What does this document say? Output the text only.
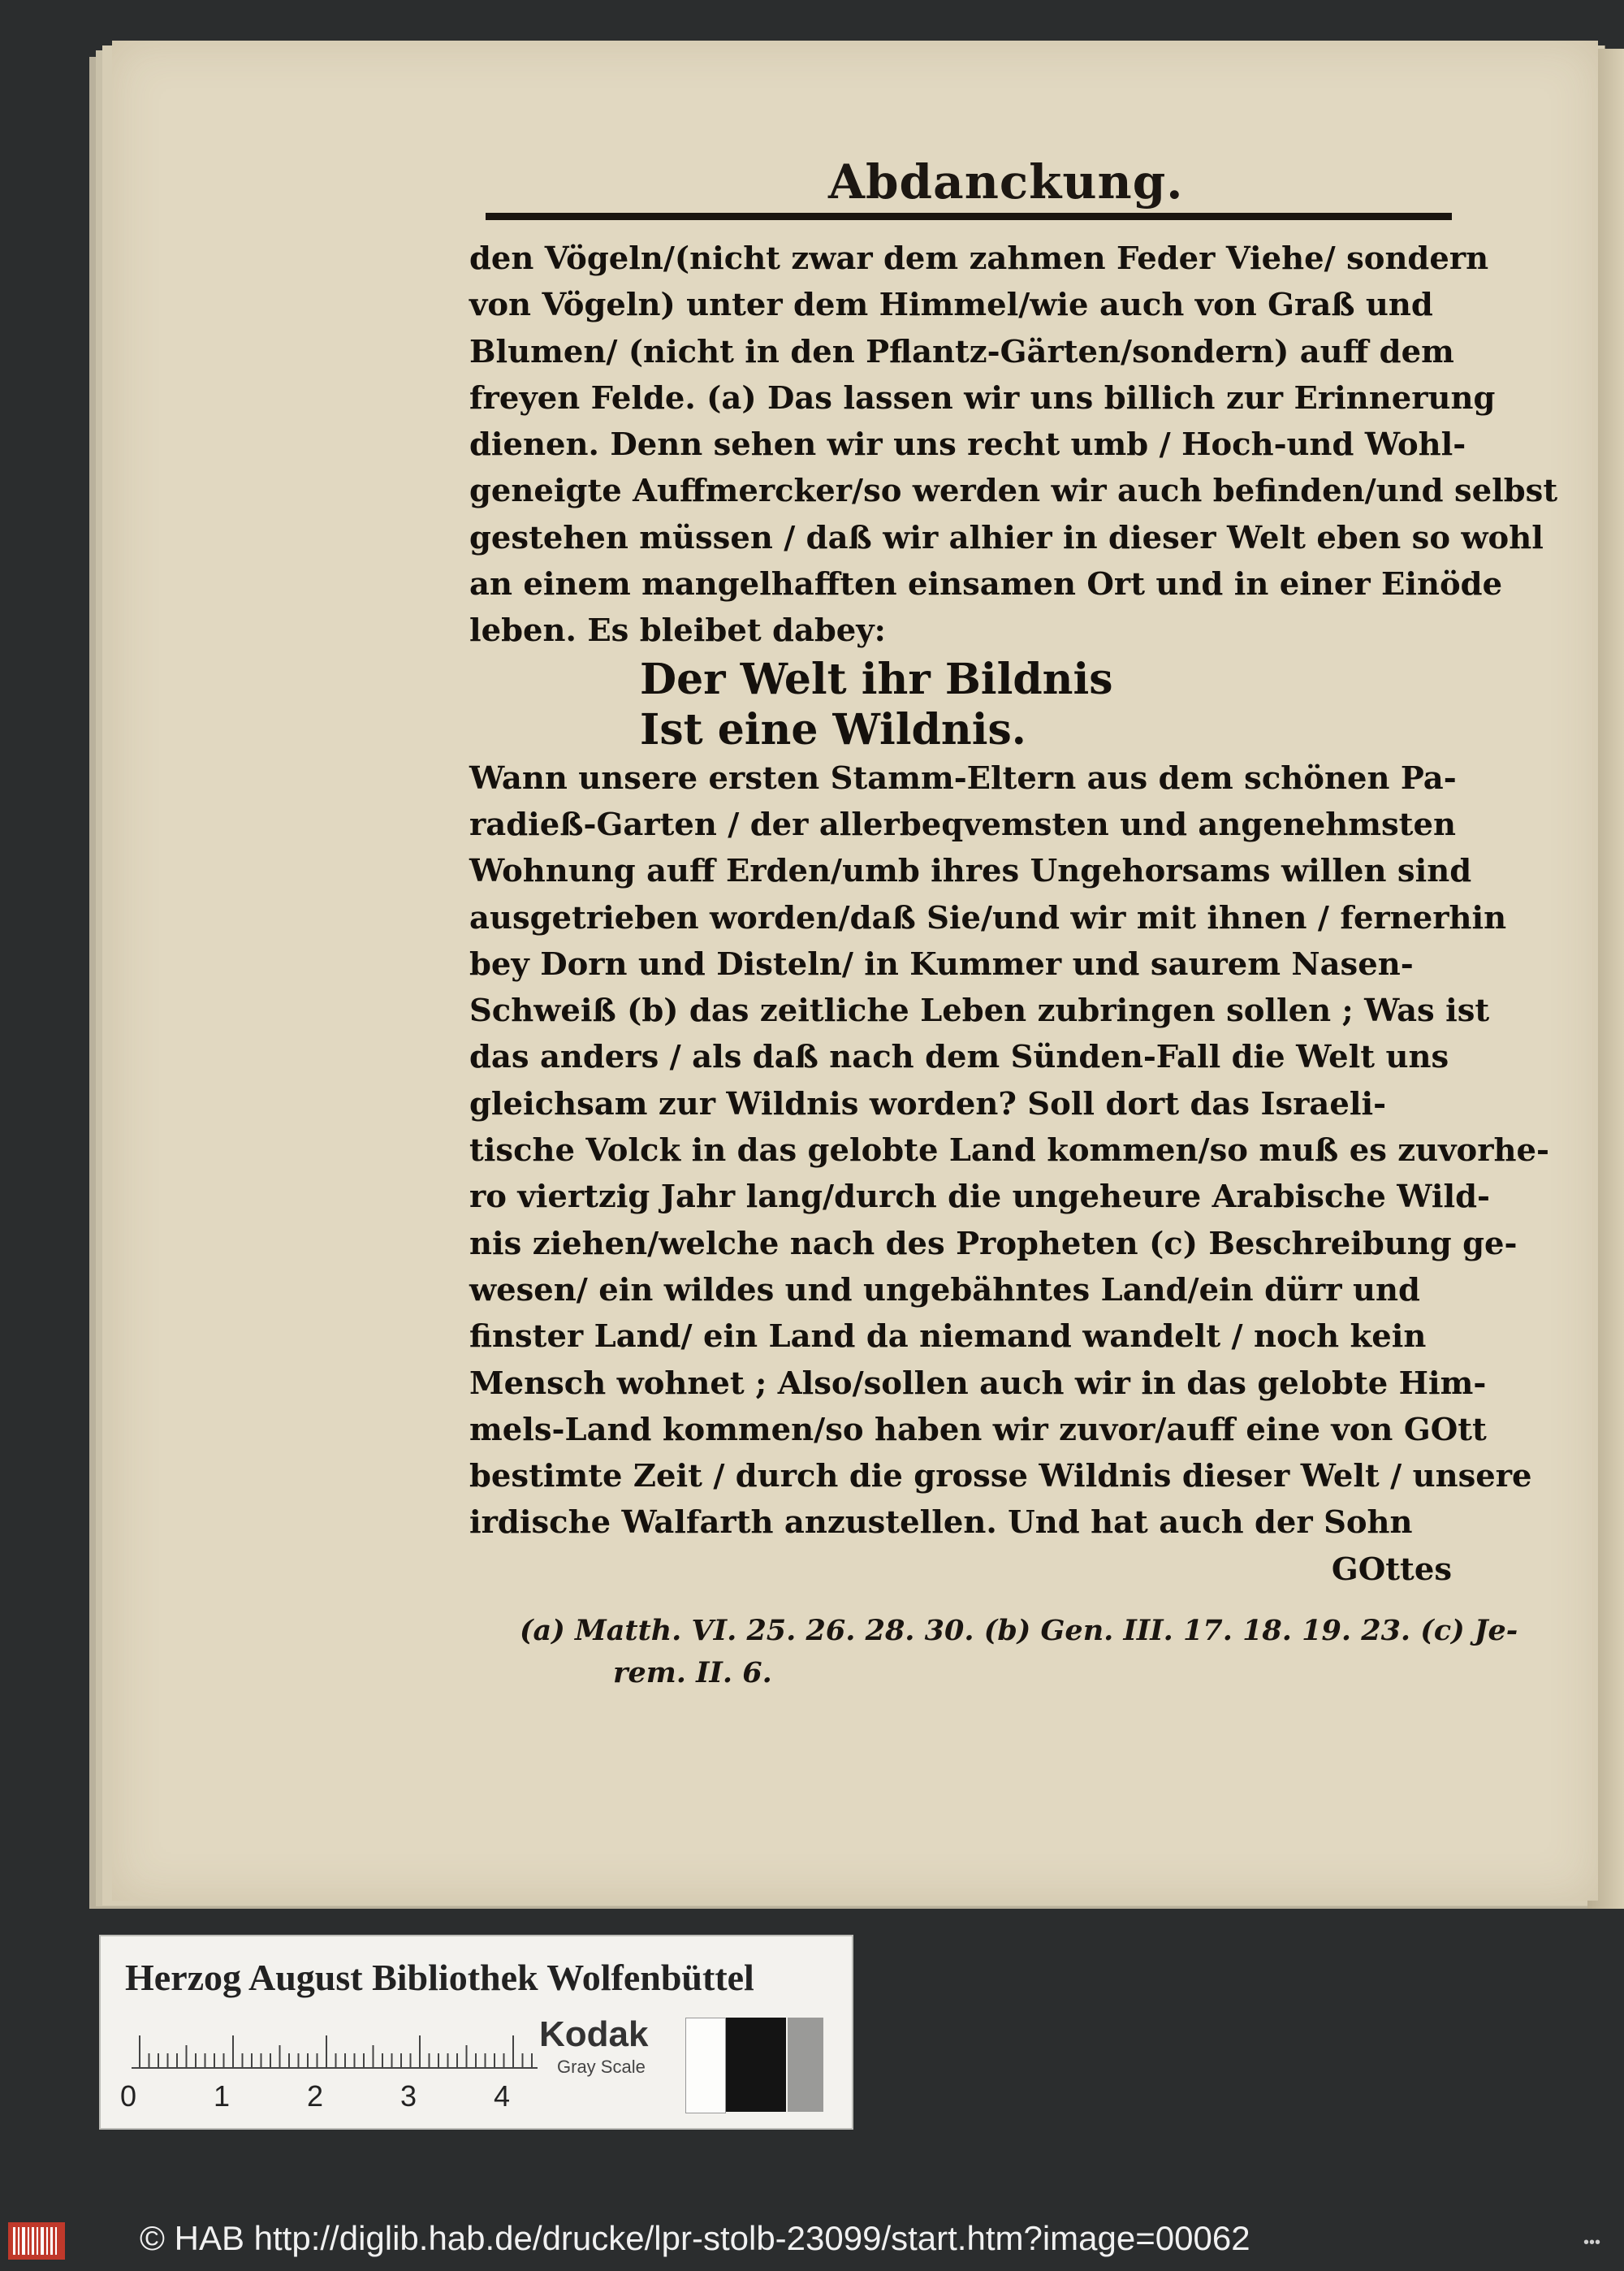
Abdanckung.
den Vögeln/(nicht zwar dem zahmen Feder Viehe/ sondern
von Vögeln) unter dem Himmel/wie auch von Graß und
Blumen/ (nicht in den Pflantz-Gärten/sondern) auff dem
freyen Felde. (a) Das lassen wir uns billich zur Erinnerung
dienen. Denn sehen wir uns recht umb / Hoch-und Wohl-
geneigte Auffmercker/so werden wir auch befinden/und selbst
gestehen müssen / daß wir alhier in dieser Welt eben so wohl
an einem mangelhafften einsamen Ort und in einer Einöde
leben. Es bleibet dabey:
Der Welt ihr Bildnis
Ist eine Wildnis.
Wann unsere ersten Stamm-Eltern aus dem schönen Pa-
radieß-Garten / der allerbeqvemsten und angenehmsten
Wohnung auff Erden/umb ihres Ungehorsams willen sind
ausgetrieben worden/daß Sie/und wir mit ihnen / fernerhin
bey Dorn und Disteln/ in Kummer und saurem Nasen-
Schweiß (b) das zeitliche Leben zubringen sollen ; Was ist
das anders / als daß nach dem Sünden-Fall die Welt uns
gleichsam zur Wildnis worden? Soll dort das Israeli-
tische Volck in das gelobte Land kommen/so muß es zuvorhe-
ro viertzig Jahr lang/durch die ungeheure Arabische Wild-
nis ziehen/welche nach des Propheten (c) Beschreibung ge-
wesen/ ein wildes und ungebähntes Land/ein dürr und
finster Land/ ein Land da niemand wandelt / noch kein
Mensch wohnet ; Also/sollen auch wir in das gelobte Him-
mels-Land kommen/so haben wir zuvor/auff eine von GOtt
bestimte Zeit / durch die grosse Wildnis dieser Welt / unsere
irdische Walfarth anzustellen. Und hat auch der Sohn
GOttes
(a) Matth. VI. 25. 26. 28. 30. (b) Gen. III. 17. 18. 19. 23. (c) Je-
rem. II. 6.
Herzog August Bibliothek Wolfenbüttel
0	1	2	3	4
Kodak
Gray Scale
© HAB http://diglib.hab.de/drucke/lpr-stolb-23099/start.htm?image=00062	•••
